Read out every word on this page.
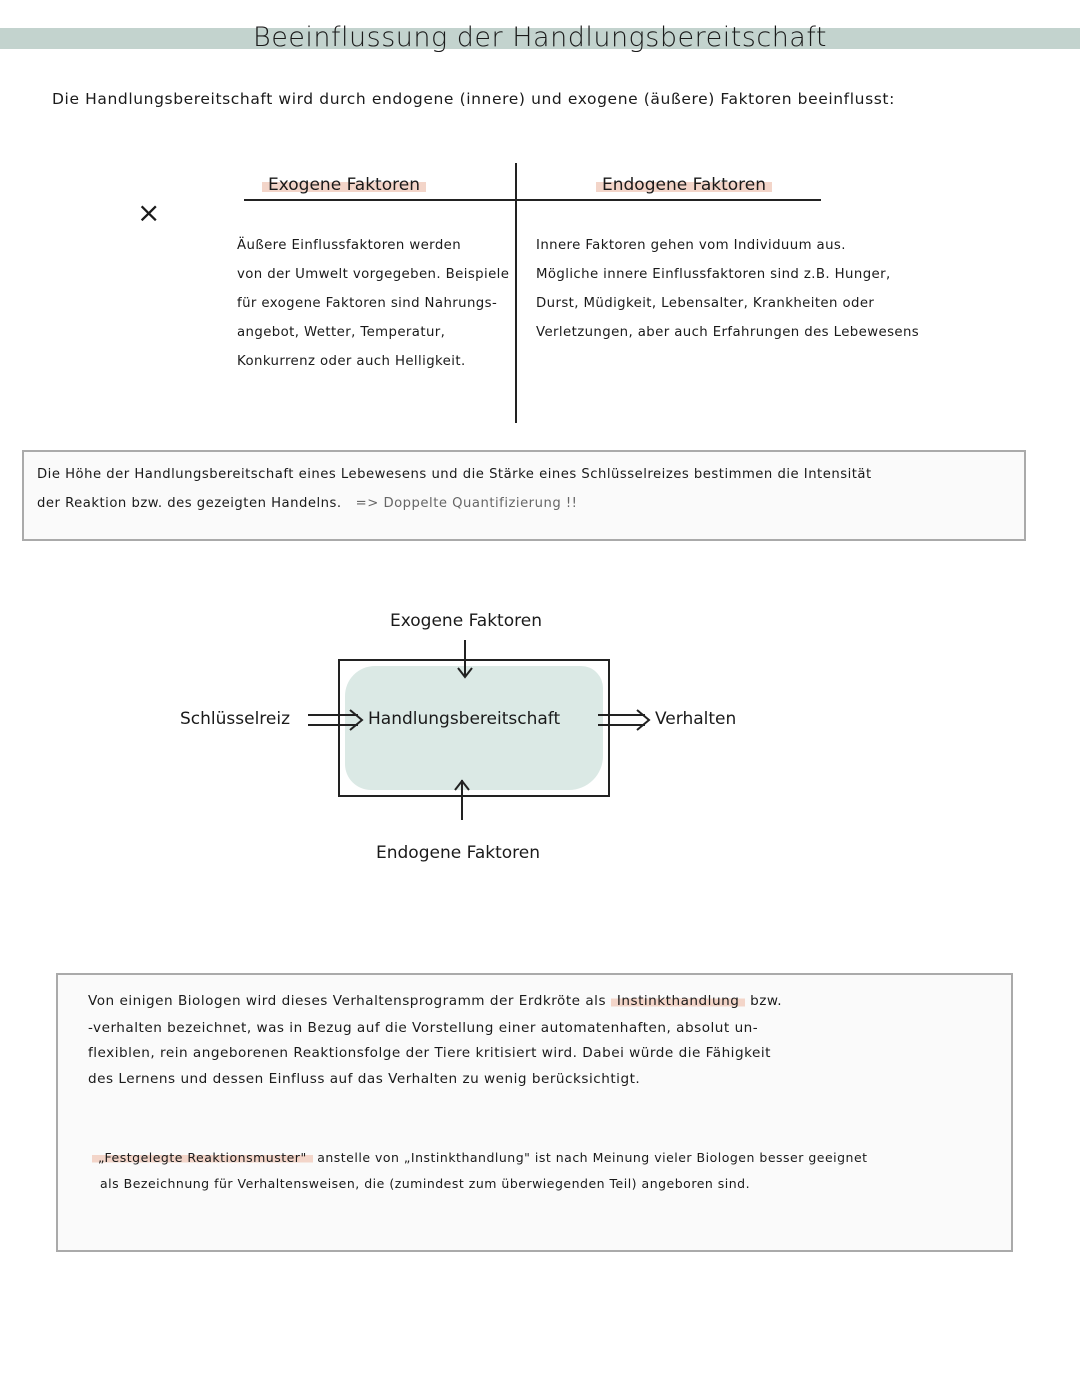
Beeinflussung der Handlungsbereitschaft
Die Handlungsbereitschaft wird durch endogene (innere) und exogene (äußere) Faktoren beeinflusst:
×
Exogene Faktoren	Endogene Faktoren
Äußere Einflussfaktoren werden
von der Umwelt vorgegeben. Beispiele
für exogene Faktoren sind Nahrungs-
angebot, Wetter, Temperatur,
Konkurrenz oder auch Helligkeit.
Innere Faktoren gehen vom Individuum aus.
Mögliche innere Einflussfaktoren sind z.B. Hunger,
Durst, Müdigkeit, Lebensalter, Krankheiten oder
Verletzungen, aber auch Erfahrungen des Lebewesens
Die Höhe der Handlungsbereitschaft eines Lebewesens und die Stärke eines Schlüsselreizes bestimmen die Intensität
der Reaktion bzw. des gezeigten Handelns. => Doppelte Quantifizierung !!
Exogene Faktoren
Endogene Faktoren
Schlüsselreiz	Handlungsbereitschaft	Verhalten
Von einigen Biologen wird dieses Verhaltensprogramm der Erdkröte als Instinkthandlung bzw.
-verhalten bezeichnet, was in Bezug auf die Vorstellung einer automatenhaften, absolut un-
flexiblen, rein angeborenen Reaktionsfolge der Tiere kritisiert wird. Dabei würde die Fähigkeit
des Lernens und dessen Einfluss auf das Verhalten zu wenig berücksichtigt.
„Festgelegte Reaktionsmuster" anstelle von „Instinkthandlung" ist nach Meinung vieler Biologen besser geeignet
als Bezeichnung für Verhaltensweisen, die (zumindest zum überwiegenden Teil) angeboren sind.
